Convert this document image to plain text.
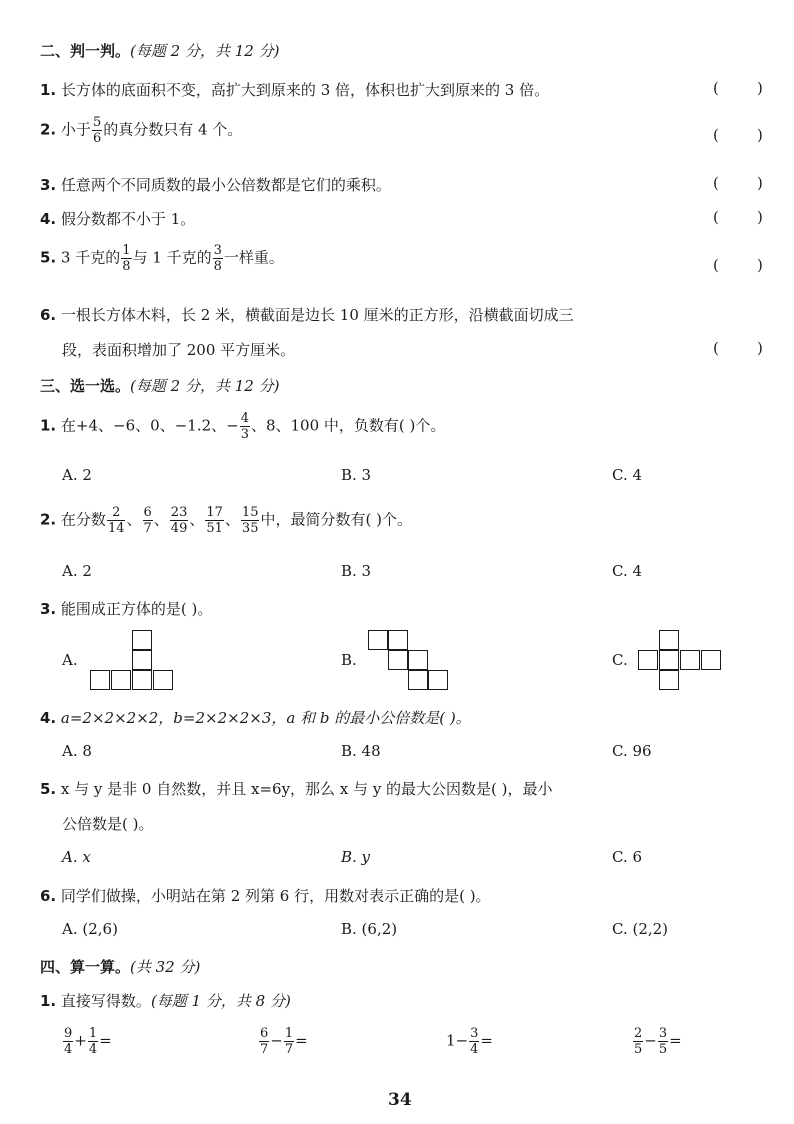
二、判一判。(每题 2 分，共 12 分)
1. 长方体的底面积不变，高扩大到原来的 3 倍，体积也扩大到原来的 3 倍。	(        )
2. 小于 $\frac{5}{6}$ 的真分数只有 4 个。	(        )
3. 任意两个不同质数的最小公倍数都是它们的乘积。	(        )
4. 假分数都不小于 1。	(        )
5. 3 千克的 $\frac{1}{8}$ 与 1 千克的 $\frac{3}{8}$ 一样重。	(        )
6. 一根长方体木料，长 2 米，横截面是边长 10 厘米的正方形，沿横截面切成三
段，表面积增加了 200 平方厘米。	(        )
三、选一选。(每题 2 分，共 12 分)
1. 在+4、−6、0、−1.2、− $\frac{4}{3}$ 、8、100 中，负数有( )个。
A. 2	B. 3	C. 4
2. 在分数 $\frac{2}{14}$ 、 $\frac{6}{7}$ 、 $\frac{23}{49}$ 、 $\frac{17}{51}$ 、 $\frac{15}{35}$ 中，最简分数有( )个。
A. 2	B. 3	C. 4
3. 能围成正方体的是( )。
A.	B.	C.
4. a=2×2×2×2，b=2×2×2×3，a 和 b 的最小公倍数是( )。
A. 8	B. 48	C. 96
5. x 与 y 是非 0 自然数，并且 x=6y，那么 x 与 y 的最大公因数是( )，最小
公倍数是( )。
A. x	B. y	C. 6
6. 同学们做操，小明站在第 2 列第 6 行，用数对表示正确的是( )。
A. (2,6)	B. (6,2)	C. (2,2)
四、算一算。(共 32 分)
1. 直接写得数。(每题 1 分，共 8 分)
$\frac{9}{4} + \frac{1}{4}$ =	$\frac{6}{7} - \frac{1}{7}$ =	$1- \frac{3}{4}$ =	$\frac{2}{5} - \frac{3}{5}$ =
34
